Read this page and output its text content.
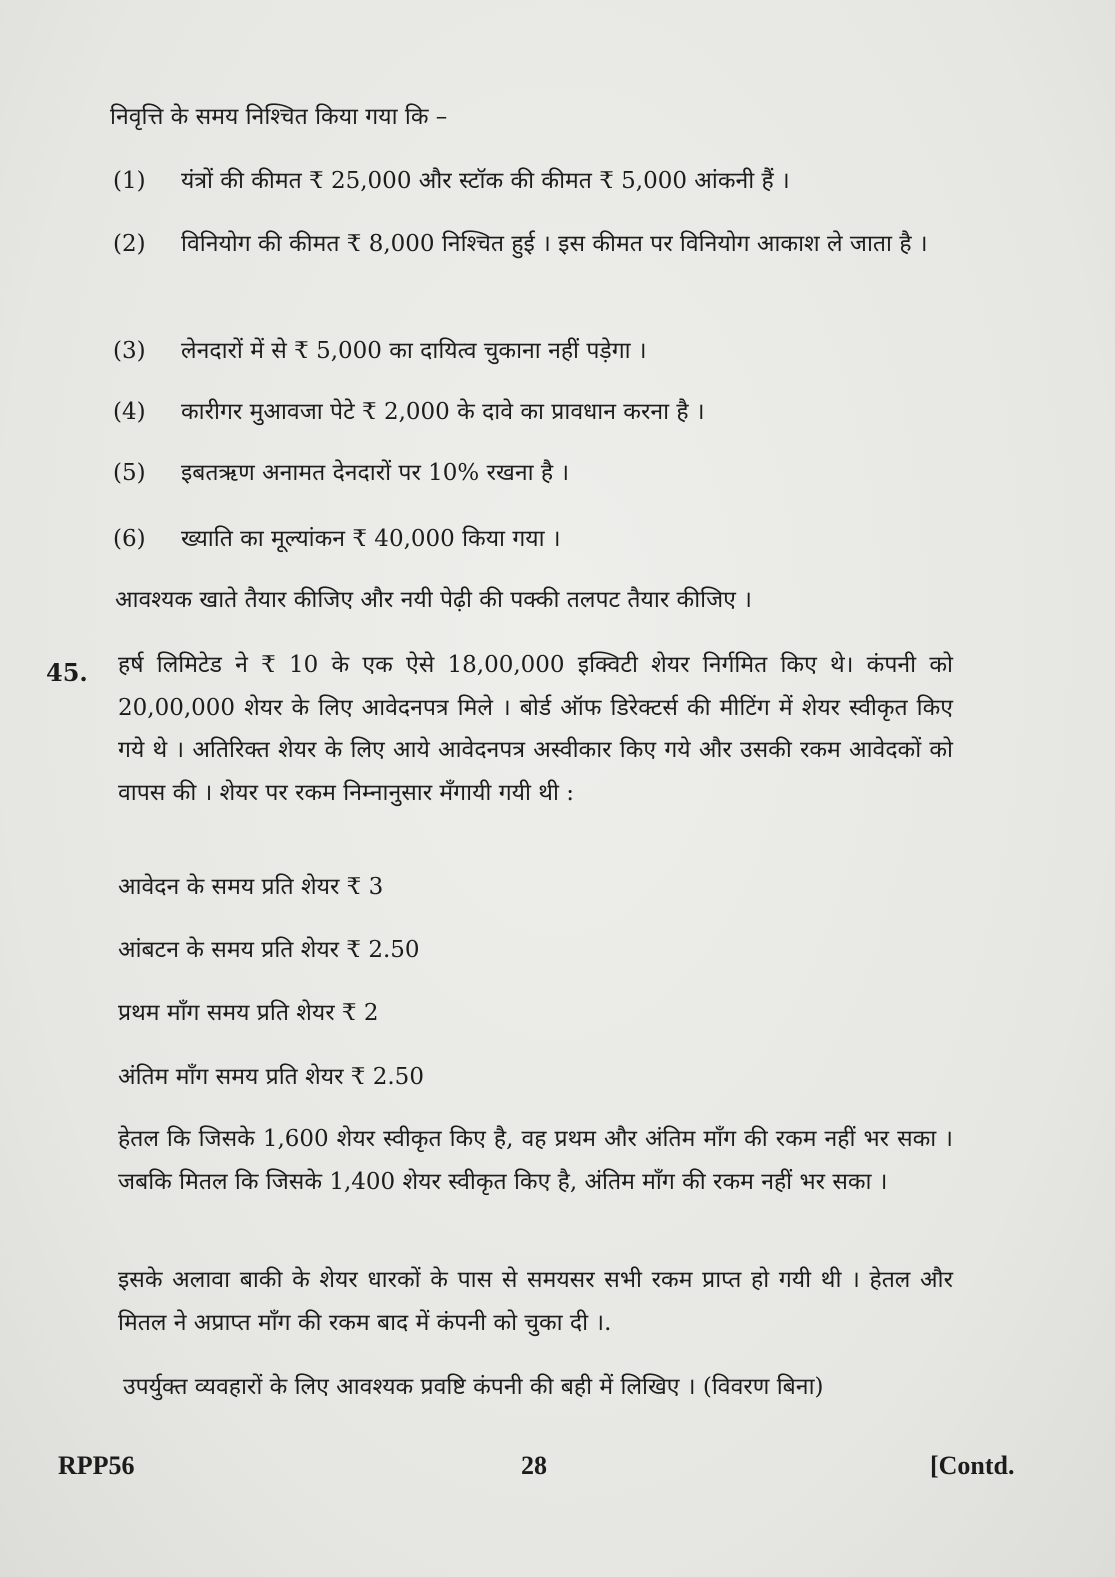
निवृत्ति के समय निश्चित किया गया कि –
(1)	यंत्रों की कीमत ₹ 25,000 और स्टॉक की कीमत ₹ 5,000 आंकनी हैं ।
(2)	विनियोग की कीमत ₹ 8,000 निश्चित हुई । इस कीमत पर विनियोग आकाश ले जाता है ।
(3)	लेनदारों में से ₹ 5,000 का दायित्व चुकाना नहीं पड़ेगा ।
(4)	कारीगर मुआवजा पेटे ₹ 2,000 के दावे का प्रावधान करना है ।
(5)	इबतऋण अनामत देनदारों पर 10% रखना है ।
(6)	ख्याति का मूल्यांकन ₹ 40,000 किया गया ।
आवश्यक खाते तैयार कीजिए और नयी पेढ़ी की पक्की तलपट तैयार कीजिए ।
45. हर्ष लिमिटेड ने ₹ 10 के एक ऐसे 18,00,000 इक्विटी शेयर निर्गमित किए थे। कंपनी को 20,00,000 शेयर के लिए आवेदनपत्र मिले । बोर्ड ऑफ डिरेक्टर्स की मीटिंग में शेयर स्वीकृत किए गये थे । अतिरिक्त शेयर के लिए आये आवेदनपत्र अस्वीकार किए गये और उसकी रकम आवेदकों को वापस की । शेयर पर रकम निम्नानुसार मँगायी गयी थी :
आवेदन के समय प्रति शेयर ₹ 3
आंबटन के समय प्रति शेयर ₹ 2.50
प्रथम माँग समय प्रति शेयर ₹ 2
अंतिम माँग समय प्रति शेयर ₹ 2.50
हेतल कि जिसके 1,600 शेयर स्वीकृत किए है, वह प्रथम और अंतिम माँग की रकम नहीं भर सका । जबकि मितल कि जिसके 1,400 शेयर स्वीकृत किए है, अंतिम माँग की रकम नहीं भर सका ।
इसके अलावा बाकी के शेयर धारकों के पास से समयसर सभी रकम प्राप्त हो गयी थी । हेतल और मितल ने अप्राप्त माँग की रकम बाद में कंपनी को चुका दी ।.
उपर्युक्त व्यवहारों के लिए आवश्यक प्रवष्टि कंपनी की बही में लिखिए । (विवरण बिना)
RPP56	28	[Contd.
